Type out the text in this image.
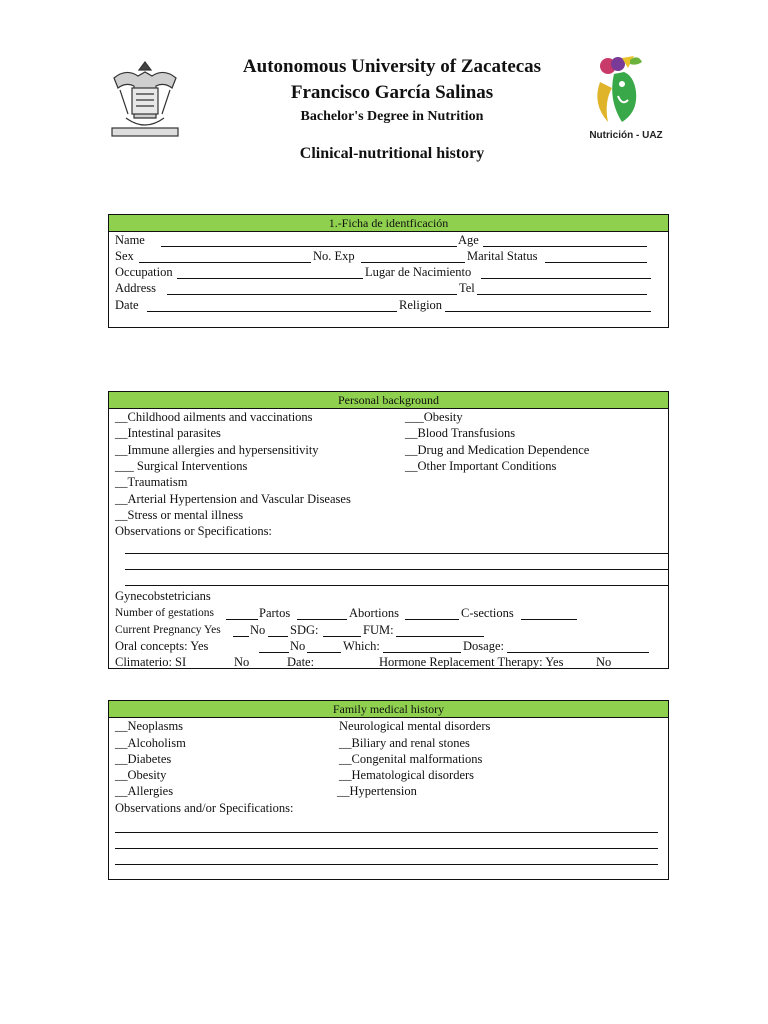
Autonomous University of Zacatecas
Francisco García Salinas
Bachelor's Degree in Nutrition
Clinical-nutritional history
Nutrición - UAZ
1.-Ficha de identficación
Name	Age
Sex	No. Exp	Marital Status
Occupation	Lugar de Nacimiento
Address	Tel
Date	Religion
Personal background
__Childhood ailments and vaccinations
__Intestinal parasites
__Immune allergies and hypersensitivity
___ Surgical Interventions
__Traumatism
__Arterial Hypertension and Vascular Diseases
__Stress or mental illness
___Obesity
__Blood Transfusions
__Drug and Medication Dependence
__Other Important Conditions
Observations or Specifications:
Gynecobstetricians
Number of gestations	Partos	Abortions	C-sections
Current Pregnancy Yes No SDG:	FUM:
Oral concepts: Yes	No	Which:	Dosage:
Climaterio: SI	No	Date:	Hormone Replacement Therapy: Yes	No
Family medical history
__Neoplasms
__Alcoholism
__Diabetes
__Obesity
__Allergies
Neurological mental disorders
__Biliary and renal stones
__Congenital malformations
__Hematological disorders
__Hypertension
Observations and/or Specifications:
